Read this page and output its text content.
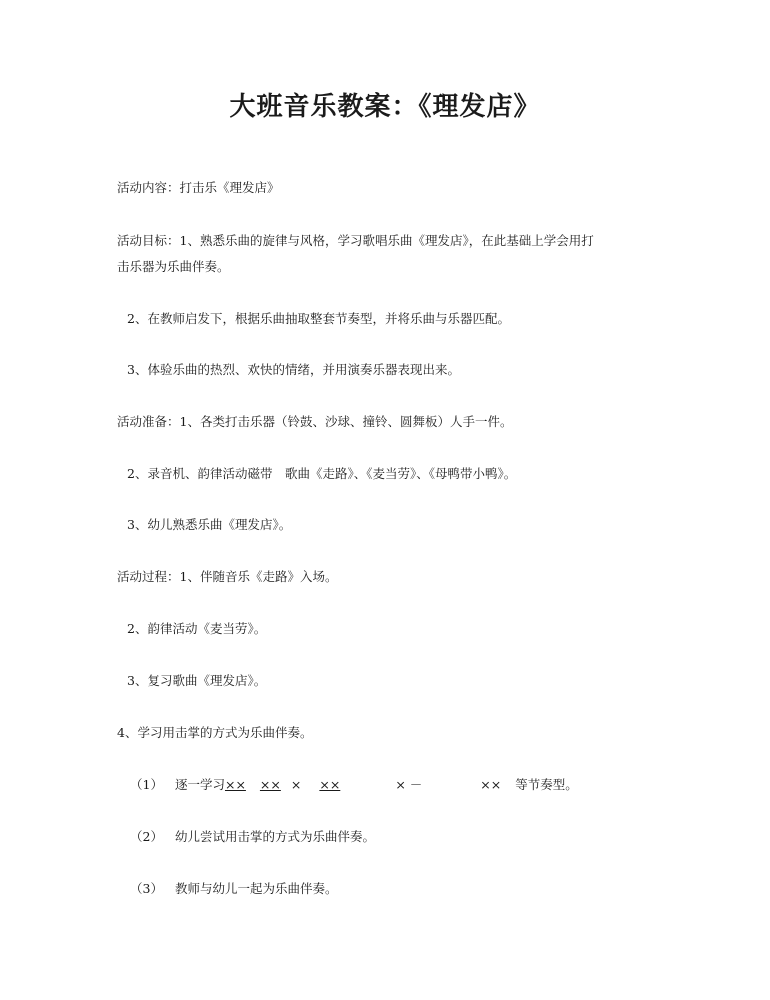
大班音乐教案：《理发店》
活动内容：打击乐《理发店》
活动目标：1、熟悉乐曲的旋律与风格，学习歌唱乐曲《理发店》，在此基础上学会用打
击乐器为乐曲伴奏。
2、在教师启发下，根据乐曲抽取整套节奏型，并将乐曲与乐器匹配。
3、体验乐曲的热烈、欢快的情绪，并用演奏乐器表现出来。
活动准备：1、各类打击乐器（铃鼓、沙球、撞铃、圆舞板）人手一件。
2、录音机、韵律活动磁带　歌曲《走路》、《麦当劳》、《母鸭带小鸭》。
3、幼儿熟悉乐曲《理发店》。
活动过程：1、伴随音乐《走路》入场。
2、韵律活动《麦当劳》。
3、复习歌曲《理发店》。
4、学习用击掌的方式为乐曲伴奏。
（1） 逐一学习×× ×× × ××	× －	×× 等节奏型。
（2） 幼儿尝试用击掌的方式为乐曲伴奏。
（3） 教师与幼儿一起为乐曲伴奏。
